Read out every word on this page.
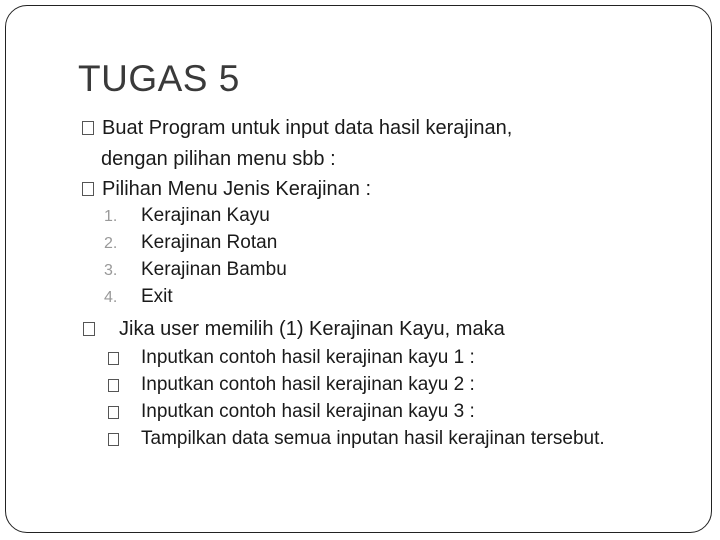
TUGAS 5
Buat Program untuk input data hasil kerajinan,
dengan pilihan menu sbb :
Pilihan Menu Jenis Kerajinan :
1. Kerajinan Kayu
2. Kerajinan Rotan
3. Kerajinan Bambu
4. Exit
Jika user memilih (1) Kerajinan Kayu, maka
Inputkan contoh hasil kerajinan kayu 1 :
Inputkan contoh hasil kerajinan kayu 2 :
Inputkan contoh hasil kerajinan kayu 3 :
Tampilkan data semua inputan hasil kerajinan tersebut.
